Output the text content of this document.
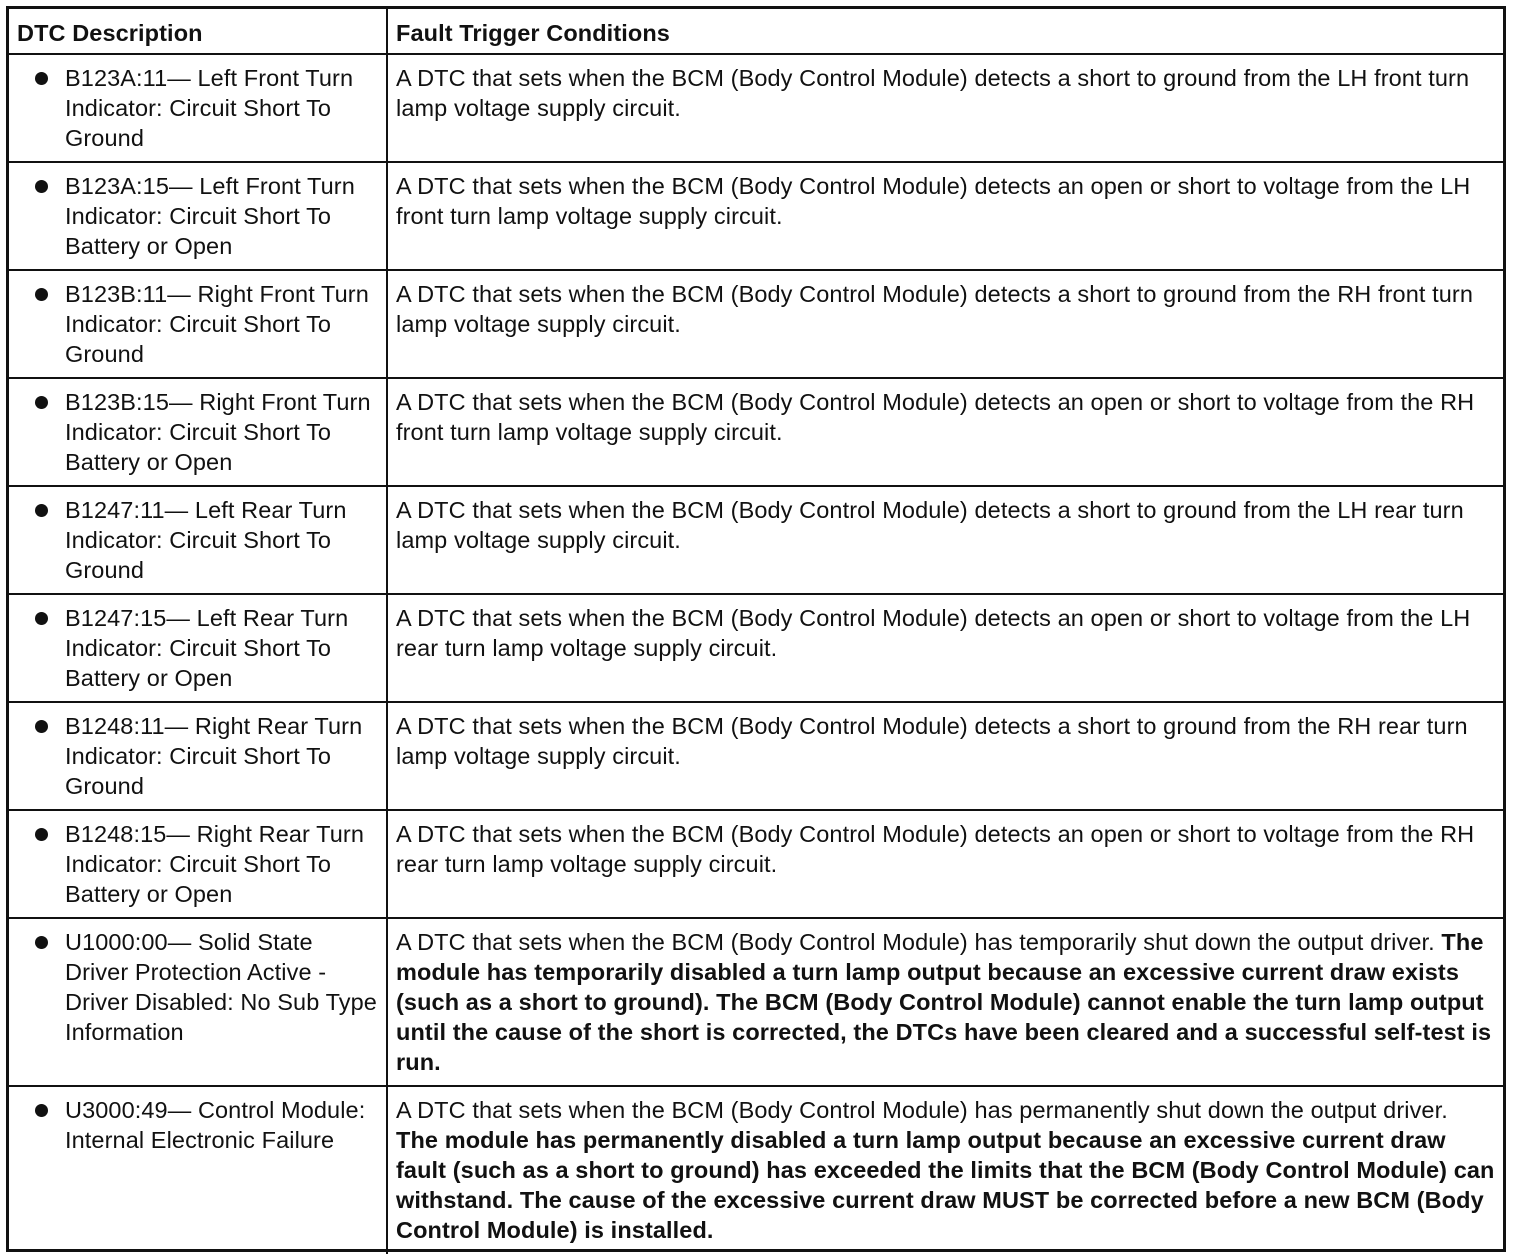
DTC Description	Fault Trigger Conditions

B123A:11— Left Front Turn Indicator: Circuit Short To Ground	A DTC that sets when the BCM (Body Control Module) detects a short to ground from the LH front turn lamp voltage supply circuit.

B123A:15— Left Front Turn Indicator: Circuit Short To Battery or Open	A DTC that sets when the BCM (Body Control Module) detects an open or short to voltage from the LH front turn lamp voltage supply circuit.

B123B:11— Right Front Turn Indicator: Circuit Short To Ground	A DTC that sets when the BCM (Body Control Module) detects a short to ground from the RH front turn lamp voltage supply circuit.

B123B:15— Right Front Turn Indicator: Circuit Short To Battery or Open	A DTC that sets when the BCM (Body Control Module) detects an open or short to voltage from the RH front turn lamp voltage supply circuit.

B1247:11— Left Rear Turn Indicator: Circuit Short To Ground	A DTC that sets when the BCM (Body Control Module) detects a short to ground from the LH rear turn lamp voltage supply circuit.

B1247:15— Left Rear Turn Indicator: Circuit Short To Battery or Open	A DTC that sets when the BCM (Body Control Module) detects an open or short to voltage from the LH rear turn lamp voltage supply circuit.

B1248:11— Right Rear Turn Indicator: Circuit Short To Ground	A DTC that sets when the BCM (Body Control Module) detects a short to ground from the RH rear turn lamp voltage supply circuit.

B1248:15— Right Rear Turn Indicator: Circuit Short To Battery or Open	A DTC that sets when the BCM (Body Control Module) detects an open or short to voltage from the RH rear turn lamp voltage supply circuit.

U1000:00— Solid State Driver Protection Active - Driver Disabled: No Sub Type Information	A DTC that sets when the BCM (Body Control Module) has temporarily shut down the output driver. The module has temporarily disabled a turn lamp output because an excessive current draw exists (such as a short to ground). The BCM (Body Control Module) cannot enable the turn lamp output until the cause of the short is corrected, the DTCs have been cleared and a successful self-test is run.

U3000:49— Control Module: Internal Electronic Failure	A DTC that sets when the BCM (Body Control Module) has permanently shut down the output driver. The module has permanently disabled a turn lamp output because an excessive current draw fault (such as a short to ground) has exceeded the limits that the BCM (Body Control Module) can withstand. The cause of the excessive current draw MUST be corrected before a new BCM (Body Control Module) is installed.
